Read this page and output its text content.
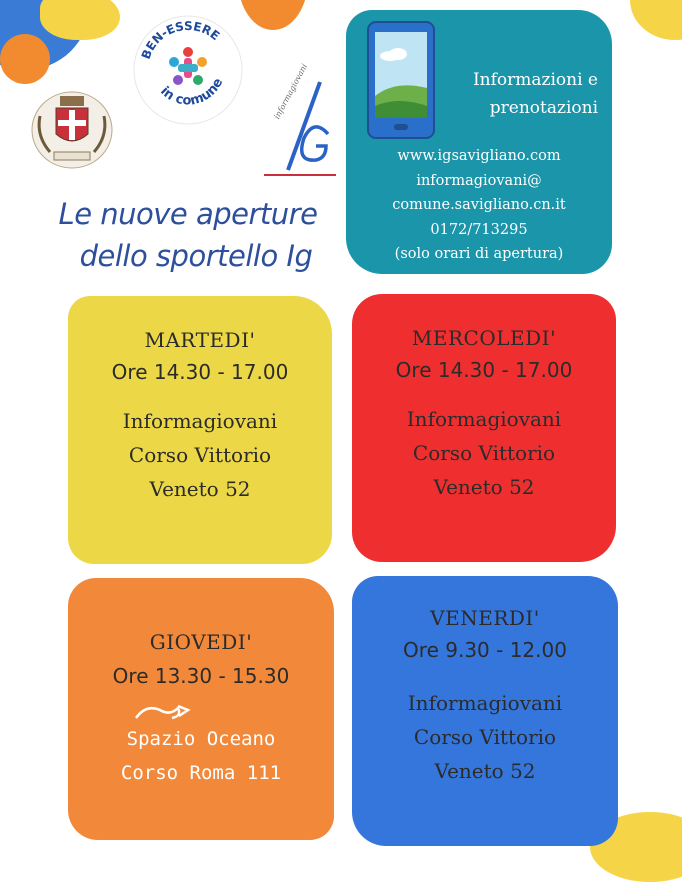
BEN-ESSERE
in comune	informagiovani
Le nuove aperture
dello sportello Ig
Informazioni e
prenotazioni
www.igsavigliano.com
informagiovani@
comune.savigliano.cn.it
0172/713295
(solo orari di apertura)
MARTEDI'
Ore 14.30 - 17.00
Informagiovani
Corso Vittorio
Veneto 52
MERCOLEDI'
Ore 14.30 - 17.00
Informagiovani
Corso Vittorio
Veneto 52
GIOVEDI'
Ore 13.30 - 15.30
Spazio Oceano
Corso Roma 111
VENERDI'
Ore 9.30 - 12.00
Informagiovani
Corso Vittorio
Veneto 52
